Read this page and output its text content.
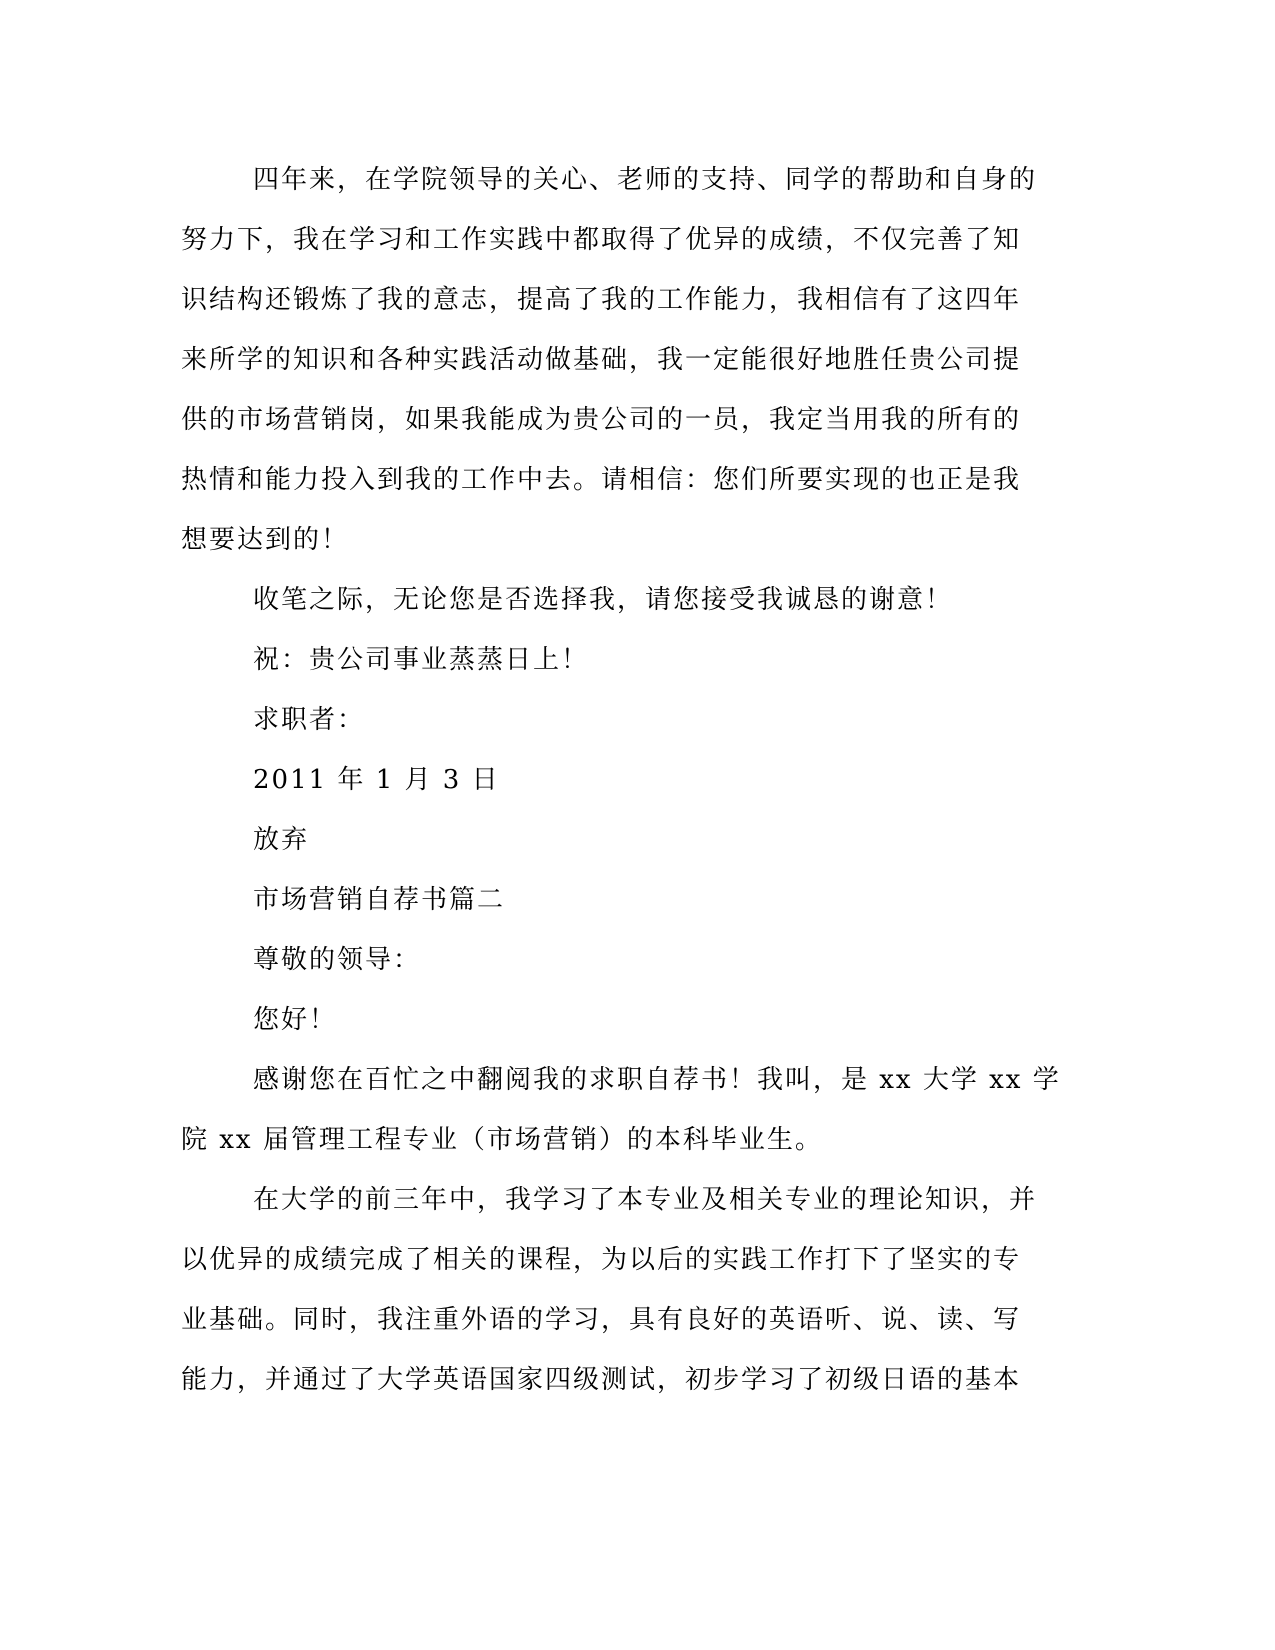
四年来，在学院领导的关心、老师的支持、同学的帮助和自身的
努力下，我在学习和工作实践中都取得了优异的成绩，不仅完善了知
识结构还锻炼了我的意志，提高了我的工作能力，我相信有了这四年
来所学的知识和各种实践活动做基础，我一定能很好地胜任贵公司提
供的市场营销岗，如果我能成为贵公司的一员，我定当用我的所有的
热情和能力投入到我的工作中去。请相信：您们所要实现的也正是我
想要达到的！
收笔之际，无论您是否选择我，请您接受我诚恳的谢意！
祝：贵公司事业蒸蒸日上！
求职者：
2011 年 1 月 3 日
放弃
市场营销自荐书篇二
尊敬的领导：
您好！
感谢您在百忙之中翻阅我的求职自荐书！我叫，是 xx 大学 xx 学
院 xx 届管理工程专业（市场营销）的本科毕业生。
在大学的前三年中，我学习了本专业及相关专业的理论知识，并
以优异的成绩完成了相关的课程，为以后的实践工作打下了坚实的专
业基础。同时，我注重外语的学习，具有良好的英语听、说、读、写
能力，并通过了大学英语国家四级测试，初步学习了初级日语的基本
